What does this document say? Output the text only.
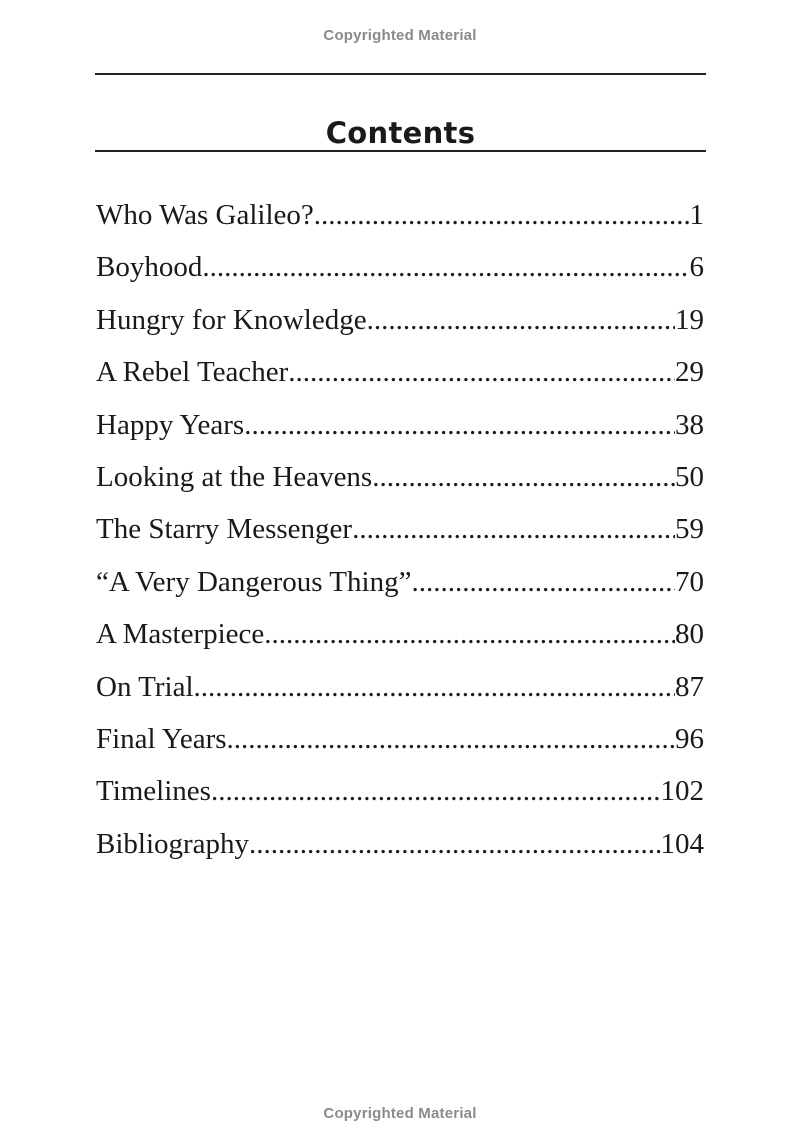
Copyrighted Material
Contents
Who Was Galileo? .....	1
Boyhood .....	6
Hungry for Knowledge .....	19
A Rebel Teacher .....	29
Happy Years .....	38
Looking at the Heavens .....	50
The Starry Messenger .....	59
“A Very Dangerous Thing” .....	70
A Masterpiece .....	80
On Trial .....	87
Final Years .....	96
Timelines .....	102
Bibliography .....	104
Copyrighted Material
